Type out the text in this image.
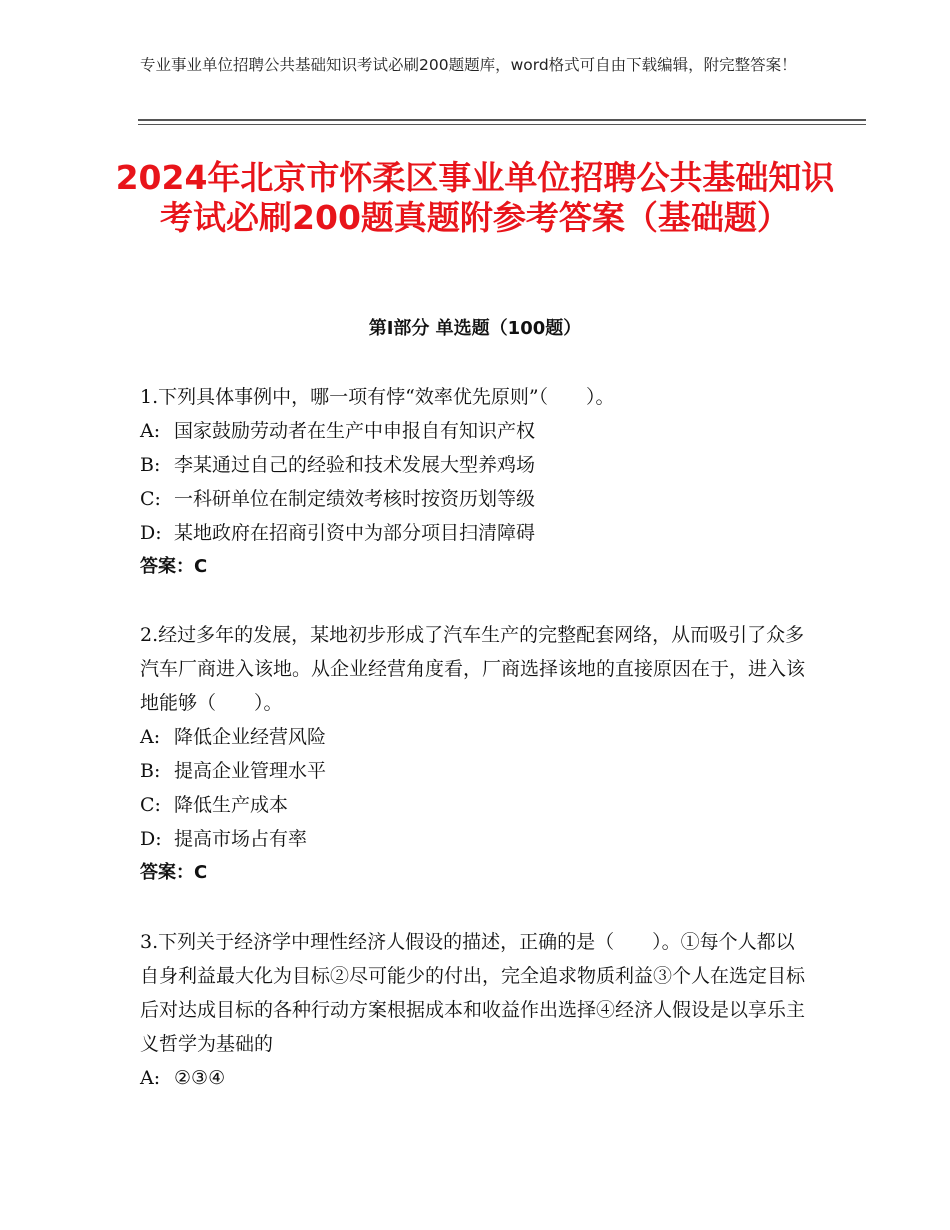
专业事业单位招聘公共基础知识考试必刷200题题库，word格式可自由下载编辑，附完整答案！
2024年北京市怀柔区事业单位招聘公共基础知识考试必刷200题真题附参考答案（基础题）
第Ⅰ部分 单选题（100题）

1.下列具体事例中，哪一项有悖“效率优先原则”（　　）。

A: 国家鼓励劳动者在生产中申报自有知识产权

B: 李某通过自己的经验和技术发展大型养鸡场

C: 一科研单位在制定绩效考核时按资历划等级

D: 某地政府在招商引资中为部分项目扫清障碍

答案：C

2.经过多年的发展，某地初步形成了汽车生产的完整配套网络，从而吸引了众多汽车厂商进入该地。从企业经营角度看，厂商选择该地的直接原因在于，进入该地能够（　　）。

A: 降低企业经营风险

B: 提高企业管理水平

C: 降低生产成本

D: 提高市场占有率

答案：C

3.下列关于经济学中理性经济人假设的描述，正确的是（　　）。①每个人都以自身利益最大化为目标②尽可能少的付出，完全追求物质利益③个人在选定目标后对达成目标的各种行动方案根据成本和收益作出选择④经济人假设是以享乐主义哲学为基础的

A: ②③④
